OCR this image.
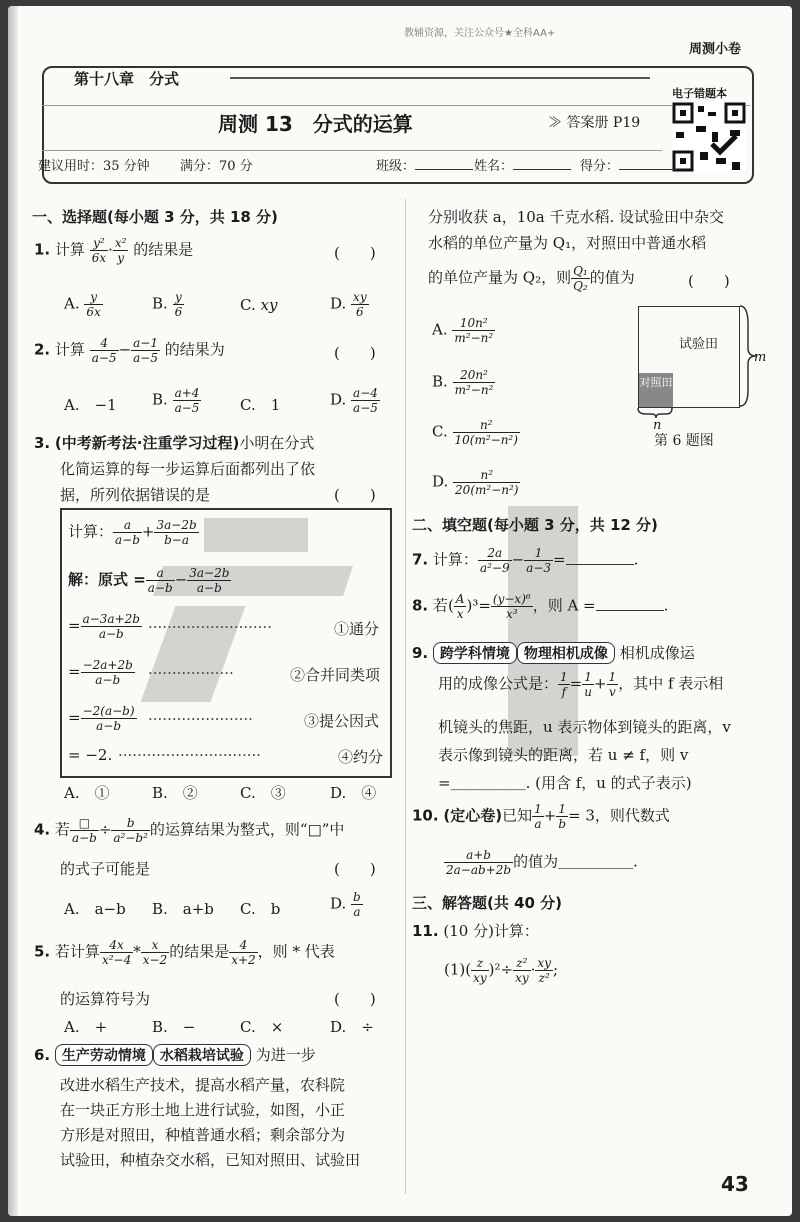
教辅资源，关注公众号★全科AA+
周测小卷
第十八章　分式
周测 13　分式的运算	≫ 答案册 P19
电子错题本
建议用时：35 分钟 满分：70 分	班级：	姓名：	得分：
一、选择题(每小题 3 分，共 18 分)
1. 计算 $\frac{\text{y²}}{6x} \cdot \frac{\text{x²}}{y}$ 的结果是	(　　)
A. $\frac{y}{6x}$	B. $\frac{y}{6}$	C. xy	D. $\frac{xy}{6}$
2. 计算 $\frac{4}{a-5} - \frac{a-1}{a-5}$ 的结果为	(　　)
A.　−1 B. $\frac{a+4}{a-5}$	C.　1	D. $\frac{a-4}{a-5}$
3. (中考新考法·注重学习过程)小明在分式
化简运算的每一步运算后面都列出了依
据，所列依据错误的是	(　　)
计算： $\frac{a}{a-b} + \frac{3a-2b}{b-a}$
解：原式 = $\frac{a}{a-b} - \frac{3a-2b}{a-b}$
= $\frac{a-3a+2b}{a-b}$ ··························	①通分
= $\frac{-2a+2b}{a-b}$ ··················	②合并同类项
= $\frac{-2(a-b)}{a-b}$ ······················	③提公因式
= −2. ······························	④约分
A.　①	B.　②	C.　③	D.　④
4. 若 $\frac{□}{a-b} \div \frac{b}{\text{a²−b²}}$ 的运算结果为整式，则“□”中
的式子可能是	(　　)
A.　a−b B.　a+b C.　b	D. $\frac{b}{a}$
5. 若计算 $\frac{4x}{\text{x²−4}} * \frac{x}{x-2}$ 的结果是 $\frac{4}{x+2}$ ，则 * 代表
的运算符号为	(　　)
A.　+	B.　−	C.　×	D.　÷
6. 生产劳动情境 水稻栽培试验 为进一步
改进水稻生产技术，提高水稻产量，农科院
在一块正方形土地上进行试验，如图，小正
方形是对照田，种植普通水稻；剩余部分为
试验田，种植杂交水稻，已知对照田、试验田
分别收获 a，10a 千克水稻. 设试验田中杂交
水稻的单位产量为 Q₁，对照田中普通水稻
的单位产量为 Q₂，则 $\frac{\text{Q₁}}{\text{Q₂}}$ 的值为	(　　)
A. $\frac{\text{10n²}}{\text{m²−n²}}$
B. $\frac{\text{20n²}}{\text{m²−n²}}$
C. $\frac{\text{n²}}{\text{10(m²−n²)}}$
D. $\frac{\text{n²}}{\text{20(m²−n²)}}$
试验田
对照田
m
n
第 6 题图
二、填空题(每小题 3 分，共 12 分)
7. 计算： $\frac{2a}{\text{a²−9}} - \frac{1}{a-3}$ =	.
8. 若( $\frac{A}{x} )^3= \frac{\text{(y−x)⁶}}{\text{x³}}$ ，则 A =	.
9. 跨学科情境 物理相机成像 相机成像运
用的成像公式是： $\frac{1}{f} = \frac{1}{u} + \frac{1}{v}$ ，其中 f 表示相
机镜头的焦距，u 表示物体到镜头的距离，v
表示像到镜头的距离，若 u ≠ f，则 v
=＿＿＿＿＿. (用含 f，u 的式子表示)
10. (定心卷)已知 $\frac{1}{a} + \frac{1}{b} = 3$，则代数式
$\frac{a+b}{2a-ab+2b}$ 的值为＿＿＿＿＿.
三、解答题(共 40 分)
11. (10 分)计算：
$(1)( \frac{z}{xy} )^2\div \frac{\text{z²}}{xy} \cdot \frac{xy}{\text{z²}}$ ;
43
